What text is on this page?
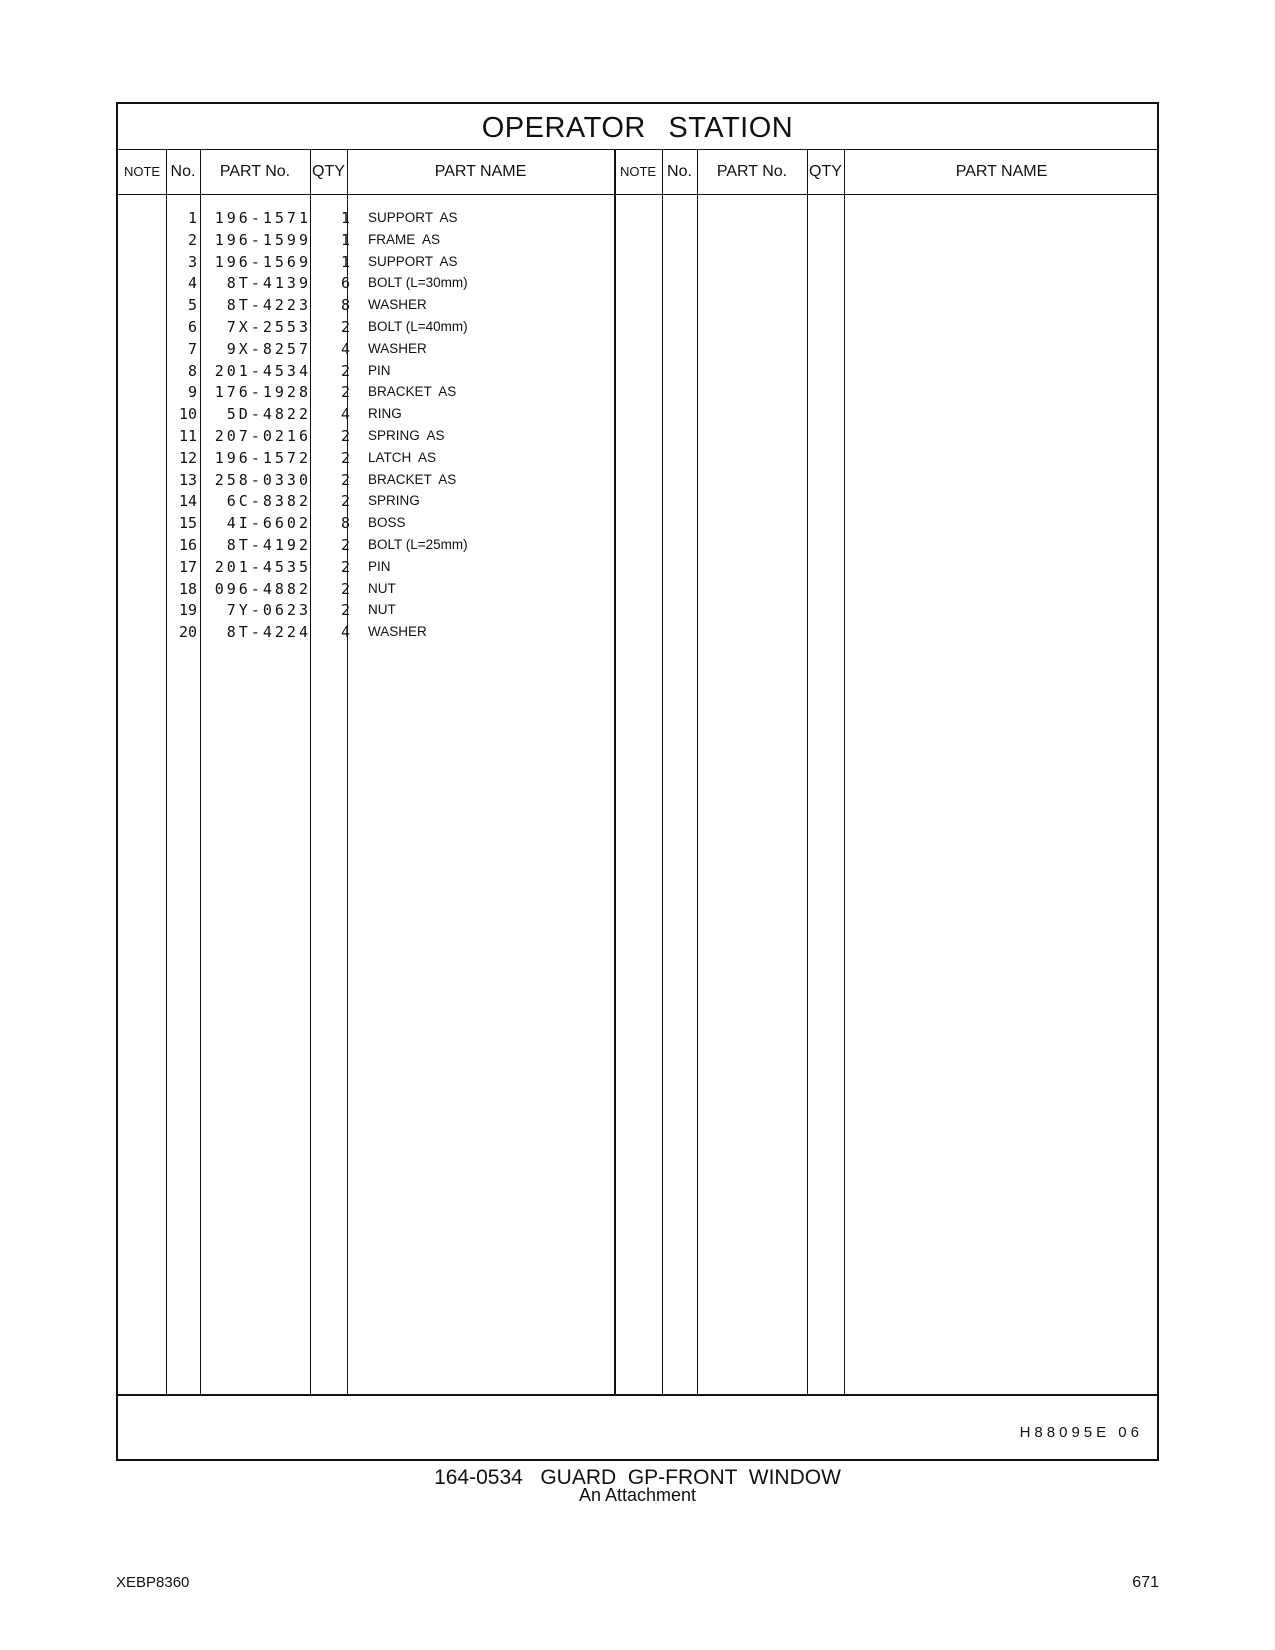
OPERATOR STATION
NOTE No.	PART No.	QTY	PART NAME	NOTE No.	PART No.	QTY	PART NAME
1	196-1571	1 SUPPORT  AS
2	196-1599	1 FRAME  AS
3	196-1569	1 SUPPORT  AS
4	8T-4139	6 BOLT (L=30mm)
5	8T-4223	8 WASHER
6	7X-2553	2 BOLT (L=40mm)
7	9X-8257	4 WASHER
8	201-4534	2 PIN
9	176-1928	2 BRACKET  AS
10	5D-4822	4 RING
11	207-0216	2 SPRING  AS
12	196-1572	2 LATCH  AS
13	258-0330	2 BRACKET  AS
14	6C-8382	2 SPRING
15	4I-6602	8 BOSS
16	8T-4192	2 BOLT (L=25mm)
17	201-4535	2 PIN
18	096-4882	2 NUT
19	7Y-0623	2 NUT
20	8T-4224	4 WASHER
H88095E 06
164-0534   GUARD  GP-FRONT  WINDOW
An Attachment
XEBP8360	671
